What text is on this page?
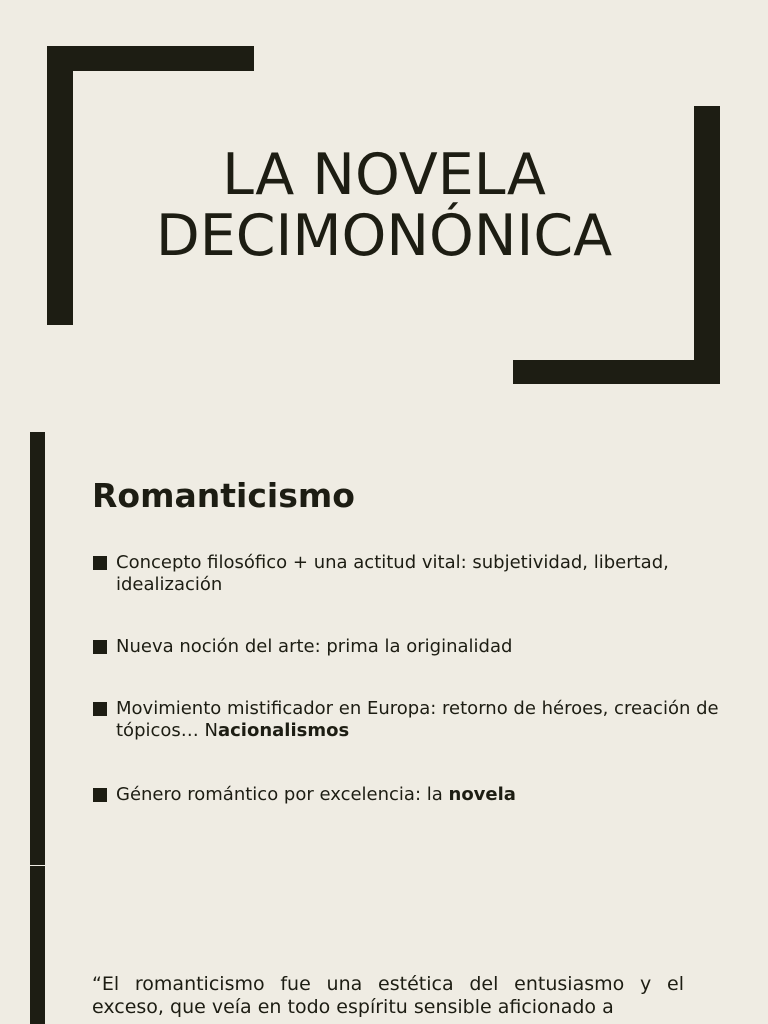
LA NOVELA
DECIMONÓNICA
Romanticismo
Concepto filosófico + una actitud vital: subjetividad, libertad, idealización
Nueva noción del arte: prima la originalidad
Movimiento mistificador en Europa: retorno de héroes, creación de tópicos… Nacionalismos
Género romántico por excelencia: la novela

“El romanticismo fue una estética del entusiasmo y el exceso, que veía en todo espíritu sensible aficionado a
